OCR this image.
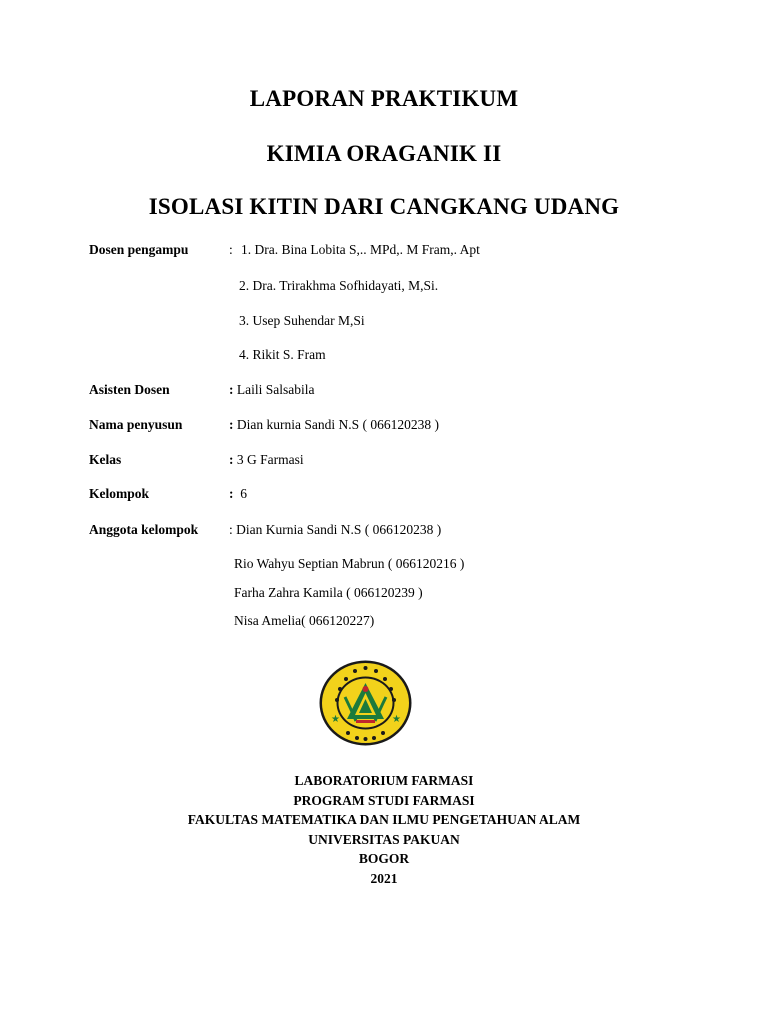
LAPORAN PRAKTIKUM
KIMIA ORAGANIK II
ISOLASI KITIN DARI CANGKANG UDANG
Dosen pengampu	: 1. Dra. Bina Lobita S,.. MPd,. M Fram,. Apt
2. Dra. Trirakhma Sofhidayati, M,Si.
3. Usep Suhendar M,Si
4. Rikit S. Fram
Asisten Dosen	: Laili Salsabila
Nama penyusun	: Dian kurnia Sandi N.S ( 066120238 )
Kelas	: 3 G Farmasi
Kelompok	: 6
Anggota kelompok : Dian Kurnia Sandi N.S ( 066120238 )
Rio Wahyu Septian Mabrun ( 066120216 )
Farha Zahra Kamila ( 066120239 )
Nisa Amelia( 066120227)
★	★
LABORATORIUM FARMASI
PROGRAM STUDI FARMASI
FAKULTAS MATEMATIKA DAN ILMU PENGETAHUAN ALAM
UNIVERSITAS PAKUAN
BOGOR
2021
